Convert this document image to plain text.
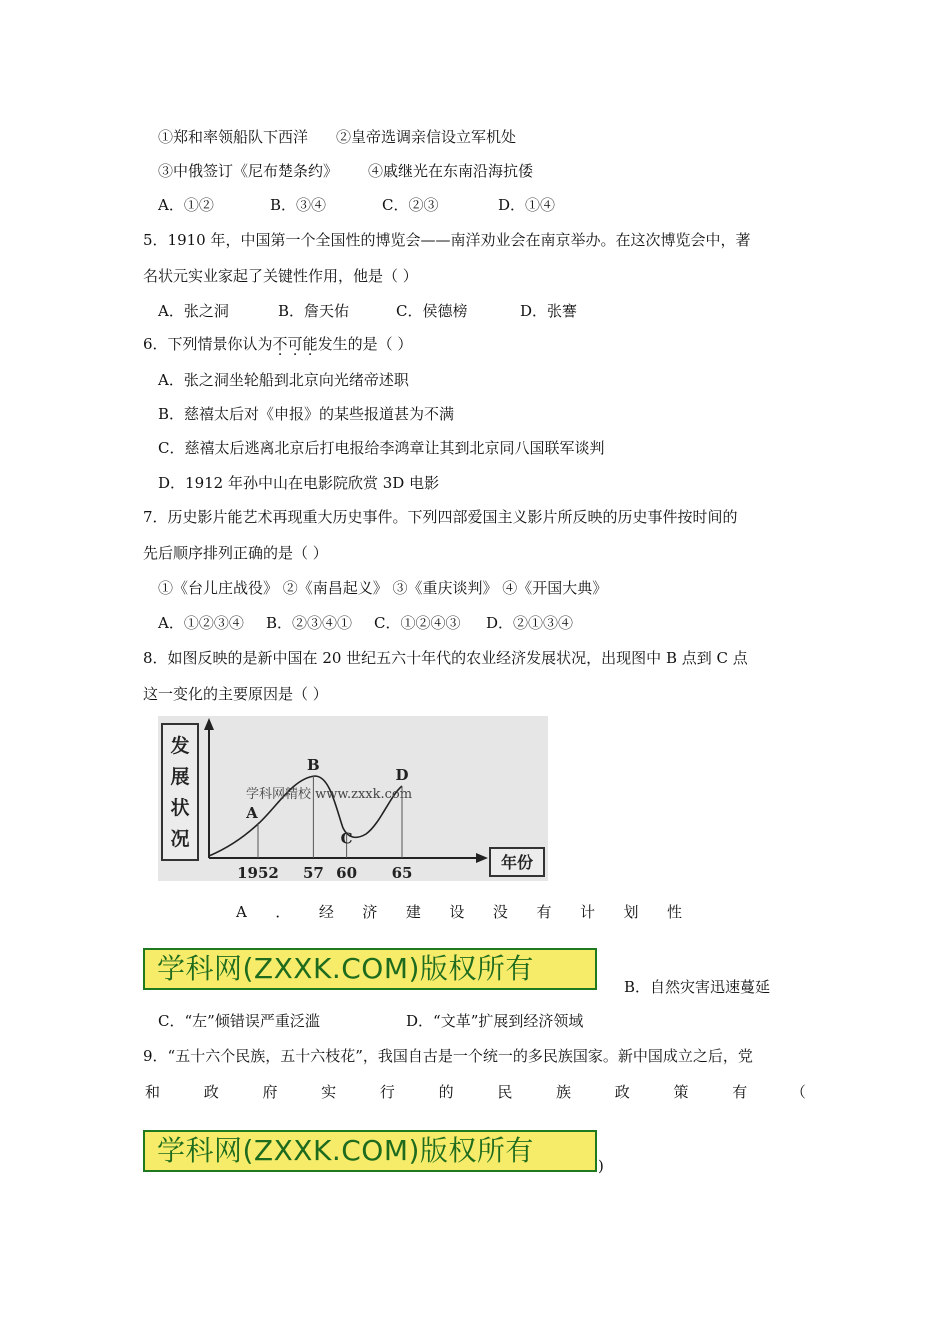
①郑和率领船队下西洋 ②皇帝选调亲信设立军机处
③中俄签订《尼布楚条约》 ④戚继光在东南沿海抗倭
A．①②	B．③④	C．②③	D．①④
5．1910 年，中国第一个全国性的博览会——南洋劝业会在南京举办。在这次博览会中，著
名状元实业家起了关键性作用，他是（ ）
A．张之洞	B．詹天佑	C．侯德榜	D．张謇
6．下列情景你认为不可能发生的是（ ）
A．张之洞坐轮船到北京向光绪帝述职
B．慈禧太后对《申报》的某些报道甚为不满
C．慈禧太后逃离北京后打电报给李鸿章让其到北京同八国联军谈判
D．1912 年孙中山在电影院欣赏 3D 电影
7．历史影片能艺术再现重大历史事件。下列四部爱国主义影片所反映的历史事件按时间的
先后顺序排列正确的是（ ）
①《台儿庄战役》 ②《南昌起义》 ③《重庆谈判》 ④《开国大典》
A．①②③④ B．②③④① C．①②④③ D．②①③④
8．如图反映的是新中国在 20 世纪五六十年代的农业经济发展状况，出现图中 B 点到 C 点
这一变化的主要原因是（ ）
发
展
状
况
年份
A
1952
B
57
C
60
D
65
学科网精校 www.zxxk.com
A ． 经 济 建 设 没 有 计 划 性
学科网(ZXXK.COM)版权所有
B．自然灾害迅速蔓延
C．“左”倾错误严重泛滥	D．“文革”扩展到经济领域
9．“五十六个民族，五十六枝花”，我国自古是一个统一的多民族国家。新中国成立之后，党
和	政	府	实	行	的	民	族	政	策	有	（
学科网(ZXXK.COM)版权所有	)
